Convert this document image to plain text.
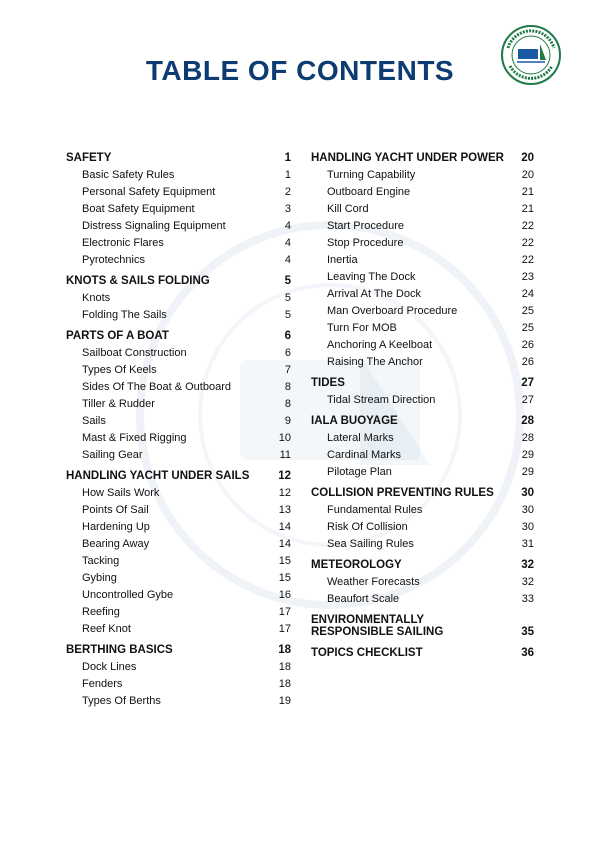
TABLE OF CONTENTS
SAFETY	1
Basic Safety Rules	1
Personal Safety Equipment	2
Boat Safety Equipment	3
Distress Signaling Equipment	4
Electronic Flares	4
Pyrotechnics	4
KNOTS & SAILS FOLDING	5
Knots	5
Folding The Sails	5
PARTS OF A BOAT	6
Sailboat Construction	6
Types Of Keels	7
Sides Of The Boat & Outboard	8
Tiller & Rudder	8
Sails	9
Mast & Fixed Rigging	10
Sailing Gear	11
HANDLING YACHT UNDER SAILS	12
How Sails Work	12
Points Of Sail	13
Hardening Up	14
Bearing Away	14
Tacking	15
Gybing	15
Uncontrolled Gybe	16
Reefing	17
Reef Knot	17
BERTHING BASICS	18
Dock Lines	18
Fenders	18
Types Of Berths	19
HANDLING YACHT UNDER POWER 20
Turning Capability	20
Outboard Engine	21
Kill Cord	21
Start Procedure	22
Stop Procedure	22
Inertia	22
Leaving The Dock	23
Arrival At The Dock	24
Man Overboard Procedure	25
Turn For MOB	25
Anchoring A Keelboat	26
Raising The Anchor	26
TIDES	27
Tidal Stream Direction	27
IALA BUOYAGE	28
Lateral Marks	28
Cardinal Marks	29
Pilotage Plan	29
COLLISION PREVENTING RULES 30
Fundamental Rules	30
Risk Of Collision	30
Sea Sailing Rules	31
METEOROLOGY	32
Weather Forecasts	32
Beaufort Scale	33
ENVIRONMENTALLY RESPONSIBLE SAILING	35
TOPICS CHECKLIST	36
